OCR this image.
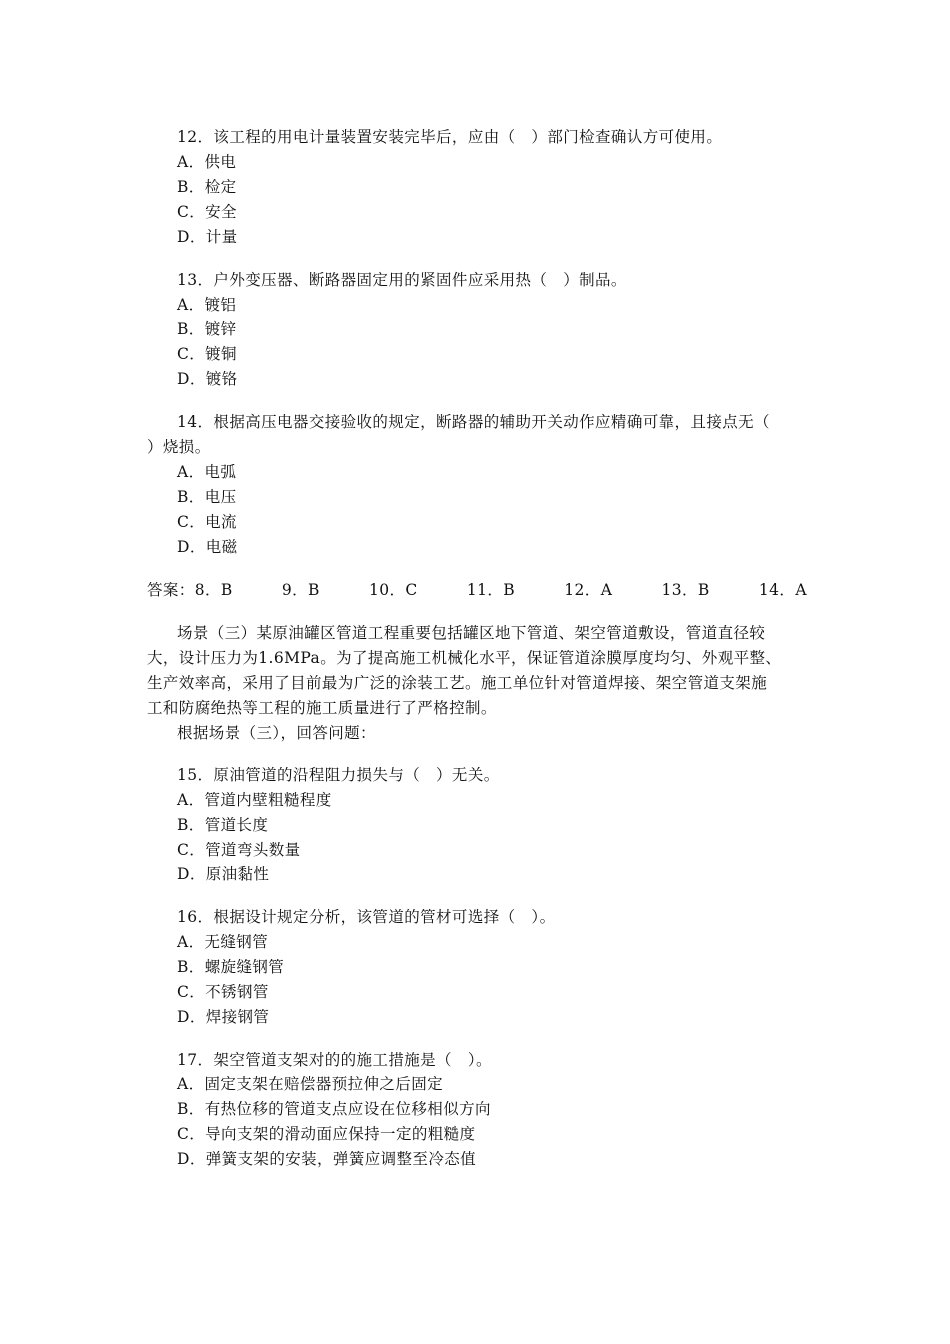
12．该工程的用电计量装置安装完毕后，应由（　）部门检查确认方可使用。
A．供电
B．检定
C．安全
D．计量
13．户外变压器、断路器固定用的紧固件应采用热（　）制品。
A．镀铝
B．镀锌
C．镀铜
D．镀铬
14．根据高压电器交接验收的规定，断路器的辅助开关动作应精确可靠，且接点无（
）烧损。
A．电弧
B．电压
C．电流
D．电磁
答案：8．B	9．B	10．C	11．B	12．A	13．B	14．A
场景（三）某原油罐区管道工程重要包括罐区地下管道、架空管道敷设，管道直径较
大，设计压力为1.6MPa。为了提高施工机械化水平，保证管道涂膜厚度均匀、外观平整、
生产效率高，采用了目前最为广泛的涂装工艺。施工单位针对管道焊接、架空管道支架施
工和防腐绝热等工程的施工质量进行了严格控制。
根据场景（三），回答问题：
15．原油管道的沿程阻力损失与（　）无关。
A．管道内壁粗糙程度
B．管道长度
C．管道弯头数量
D．原油黏性
16．根据设计规定分析，该管道的管材可选择（　）。
A．无缝钢管
B．螺旋缝钢管
C．不锈钢管
D．焊接钢管
17．架空管道支架对的的施工措施是（　）。
A．固定支架在赔偿器预拉伸之后固定
B．有热位移的管道支点应设在位移相似方向
C．导向支架的滑动面应保持一定的粗糙度
D．弹簧支架的安装，弹簧应调整至冷态值
